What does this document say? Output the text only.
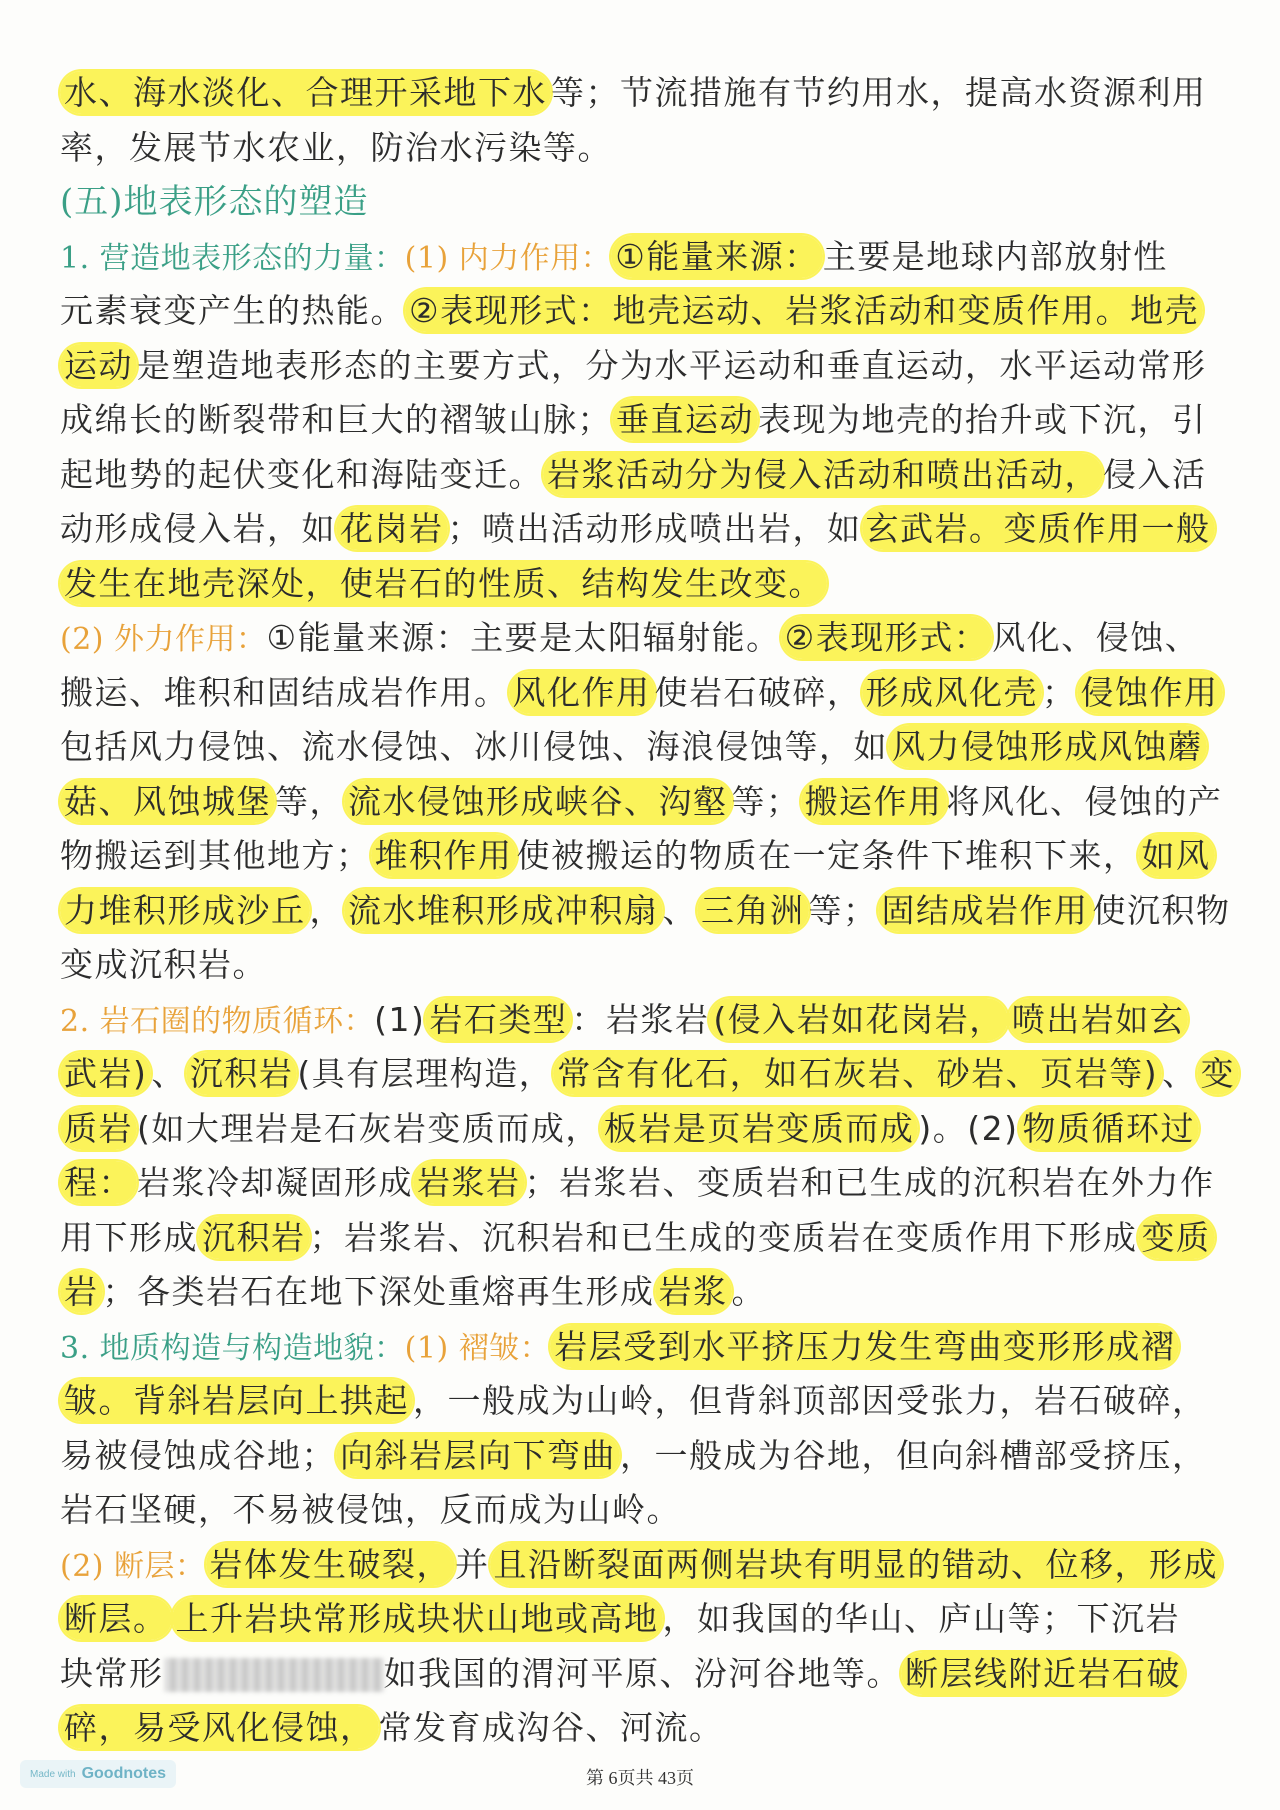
水、海水淡化、合理开采地下水 等；节流措施有节约用水，提高水资源利用
率，发展节水农业，防治水污染等。
(五)地表形态的塑造
1. 营造地表形态的力量：(1) 内力作用： ①能量来源： 主要是地球内部放射性
元素衰变产生的热能。 ②表现形式：地壳运动、岩浆活动和变质作用。地壳
运动 是塑造地表形态的主要方式，分为水平运动和垂直运动，水平运动常形
成绵长的断裂带和巨大的褶皱山脉； 垂直运动 表现为地壳的抬升或下沉，引
起地势的起伏变化和海陆变迁。 岩浆活动分为侵入活动和喷出活动， 侵入活
动形成侵入岩，如 花岗岩 ；喷出活动形成喷出岩，如 玄武岩。变质作用一般
发生在地壳深处，使岩石的性质、结构发生改变。
(2) 外力作用：①能量来源：主要是太阳辐射能。 ②表现形式： 风化、侵蚀、
搬运、堆积和固结成岩作用。 风化作用 使岩石破碎， 形成风化壳 ； 侵蚀作用
包括风力侵蚀、流水侵蚀、冰川侵蚀、海浪侵蚀等，如 风力侵蚀形成风蚀蘑
菇、风蚀城堡 等， 流水侵蚀形成峡谷、沟壑 等； 搬运作用 将风化、侵蚀的产
物搬运到其他地方； 堆积作用 使被搬运的物质在一定条件下堆积下来， 如风
力堆积形成沙丘 ， 流水堆积形成冲积扇 、 三角洲 等； 固结成岩作用 使沉积物
变成沉积岩。
2. 岩石圈的物质循环：(1) 岩石类型 ：岩浆岩 (侵入岩如花岗岩， 喷出岩如玄
武岩) 、 沉积岩 (具有层理构造， 常含有化石，如石灰岩、砂岩、页岩等) 、 变
质岩 (如大理岩是石灰岩变质而成， 板岩是页岩变质而成 )。(2) 物质循环过
程： 岩浆冷却凝固形成 岩浆岩 ；岩浆岩、变质岩和已生成的沉积岩在外力作
用下形成 沉积岩 ；岩浆岩、沉积岩和已生成的变质岩在变质作用下形成 变质
岩 ；各类岩石在地下深处重熔再生形成 岩浆 。
3. 地质构造与构造地貌：(1) 褶皱： 岩层受到水平挤压力发生弯曲变形形成褶
皱。背斜岩层向上拱起 ，一般成为山岭，但背斜顶部因受张力，岩石破碎，
易被侵蚀成谷地； 向斜岩层向下弯曲 ，一般成为谷地，但向斜槽部受挤压，
岩石坚硬，不易被侵蚀，反而成为山岭。
(2) 断层： 岩体发生破裂， 并 且沿断裂面两侧岩块有明显的错动、位移，形成
断层。 上升岩块常形成块状山地或高地 ，如我国的华山、庐山等；下沉岩
块常形	如我国的渭河平原、汾河谷地等。 断层线附近岩石破
碎，易受风化侵蚀， 常发育成沟谷、河流。
第 6页共 43页
Made with Goodnotes
